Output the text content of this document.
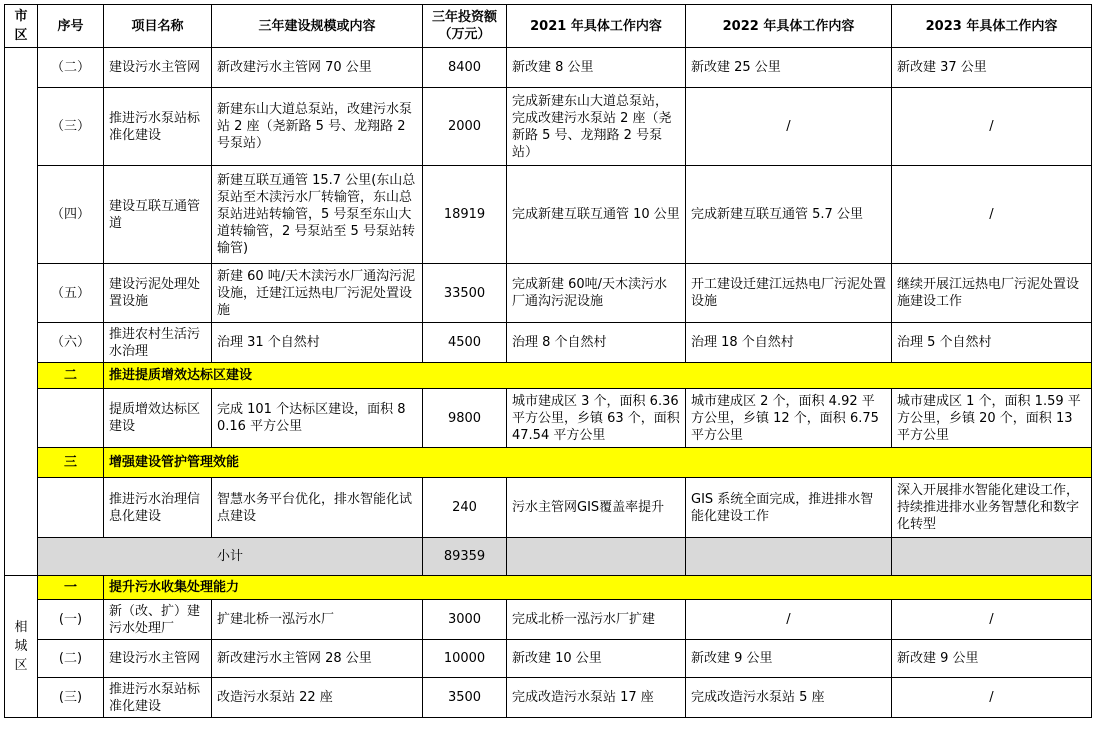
市区	序号	项目名称	三年建设规模或内容	三年投资额（万元）	2021 年具体工作内容	2022 年具体工作内容	2023 年具体工作内容
	（二）	建设污水主管网	新改建污水主管网 70 公里	8400	新改建 8 公里	新改建 25 公里	新改建 37 公里
	（三）	推进污水泵站标准化建设	新建东山大道总泵站，改建污水泵站 2 座（尧新路 5 号、龙翔路 2 号泵站）	2000	完成新建东山大道总泵站，完成改建污水泵站 2 座（尧新路 5 号、龙翔路 2 号泵站）	/	/
	（四）	建设互联互通管道	新建互联互通管 15.7 公里(东山总泵站至木渎污水厂转输管，东山总泵站进站转输管，5 号泵至东山大道转输管，2 号泵站至 5 号泵站转输管)	18919	完成新建互联互通管 10 公里	完成新建互联互通管 5.7 公里	/
	（五）	建设污泥处理处置设施	新建 60 吨/天木渎污水厂通沟污泥设施，迁建江远热电厂污泥处置设施	33500	完成新建 60吨/天木渎污水厂通沟污泥设施	开工建设迁建江远热电厂污泥处置设施	继续开展江远热电厂污泥处置设施建设工作
	（六）	推进农村生活污水治理	治理 31 个自然村	4500	治理 8 个自然村	治理 18 个自然村	治理 5 个自然村
	二	推进提质增效达标区建设					
		提质增效达标区建设	完成 101 个达标区建设，面积 80.16 平方公里	9800	城市建成区 3 个，面积 6.36 平方公里，乡镇 63 个，面积 47.54 平方公里	城市建成区 2 个，面积 4.92 平方公里，乡镇 12 个，面积 6.75 平方公里	城市建成区 1 个，面积 1.59 平方公里，乡镇 20 个，面积 13 平方公里
	三	增强建设管护管理效能					
		推进污水治理信息化建设	智慧水务平台优化，排水智能化试点建设	240	污水主管网GIS覆盖率提升	GIS 系统全面完成，推进排水智能化建设工作	深入开展排水智能化建设工作，持续推进排水业务智慧化和数字化转型
	小计			89359			
相城区	一	提升污水收集处理能力					
	(一)	新（改、扩）建污水处理厂	扩建北桥一泓污水厂	3000	完成北桥一泓污水厂扩建	/	/
	(二)	建设污水主管网	新改建污水主管网 28 公里	10000	新改建 10 公里	新改建 9 公里	新改建 9 公里
	(三)	推进污水泵站标准化建设	改造污水泵站 22 座	3500	完成改造污水泵站 17 座	完成改造污水泵站 5 座	/
